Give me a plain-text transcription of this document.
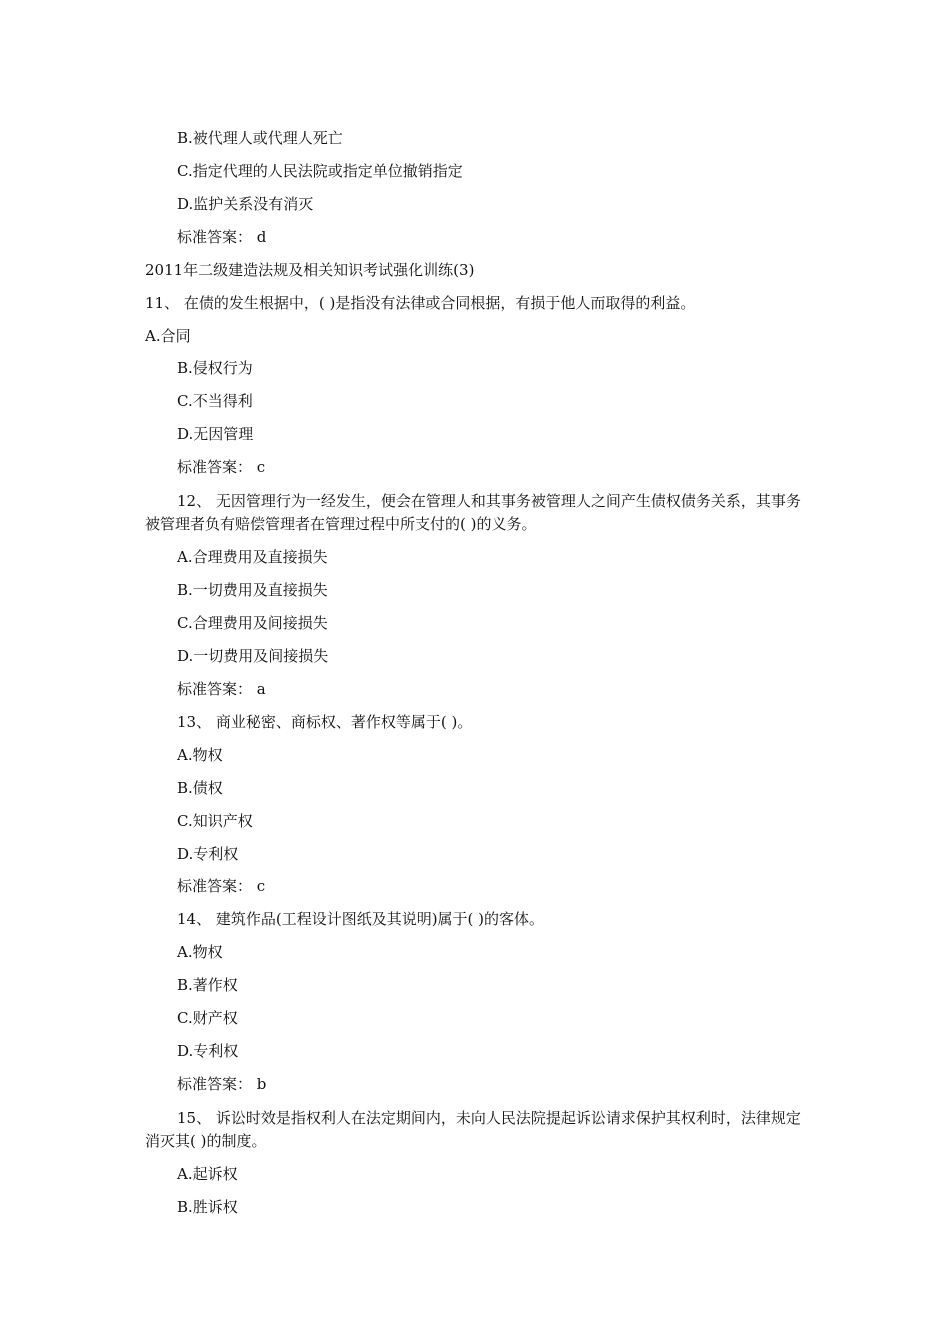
B.被代理人或代理人死亡
C.指定代理的人民法院或指定单位撤销指定
D.监护关系没有消灭
标准答案： d
2011年二级建造法规及相关知识考试强化训练(3)
11、 在债的发生根据中，( )是指没有法律或合同根据，有损于他人而取得的利益。
A.合同
B.侵权行为
C.不当得利
D.无因管理
标准答案： c
12、 无因管理行为一经发生，便会在管理人和其事务被管理人之间产生债权债务关系，其事务被管理者负有赔偿管理者在管理过程中所支付的( )的义务。
A.合理费用及直接损失
B.一切费用及直接损失
C.合理费用及间接损失
D.一切费用及间接损失
标准答案： a
13、 商业秘密、商标权、著作权等属于( )。
A.物权
B.债权
C.知识产权
D.专利权
标准答案： c
14、 建筑作品(工程设计图纸及其说明)属于( )的客体。
A.物权
B.著作权
C.财产权
D.专利权
标准答案： b
15、 诉讼时效是指权利人在法定期间内，未向人民法院提起诉讼请求保护其权利时，法律规定消灭其( )的制度。
A.起诉权
B.胜诉权
